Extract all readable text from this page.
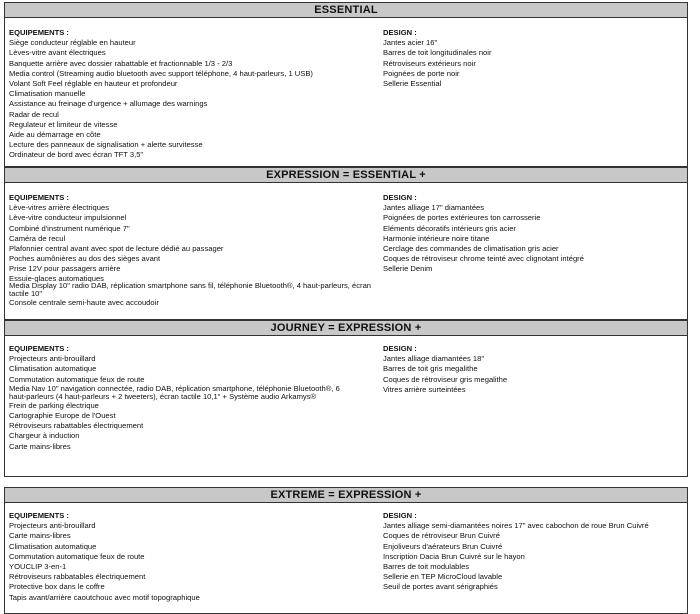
ESSENTIAL
EQUIPEMENTS :
Siège conducteur réglable en hauteur
Lèves-vitre avant électriques
Banquette arrière avec dossier rabattable et fractionnable 1/3 - 2/3
Media control (Streaming audio bluetooth avec support téléphone, 4 haut-parleurs, 1 USB)
Volant Soft Feel réglable en hauteur et profondeur
Climatisation manuelle
Assistance au freinage d'urgence + allumage des warnings
Radar de recul
Regulateur et limiteur de vitesse
Aide au démarrage en côte
Lecture des panneaux de signalisation + alerte survitesse
Ordinateur de bord avec écran TFT 3,5"
DESIGN :
Jantes acier 16"
Barres de toit longitudinales noir
Rétroviseurs extérieurs noir
Poignées de porte noir
Sellerie Essential
EXPRESSION = ESSENTIAL +
EQUIPEMENTS :
Lève-vitres arrière électriques
Lève-vitre conducteur impulsionnel
Combiné d'instrument numérique 7"
Caméra de recul
Plafonnier central avant avec spot de lecture dédié au passager
Poches aumônières au dos des sièges avant
Prise 12V pour passagers arrière
Essuie-glaces automatiques
Media Display 10" radio DAB, réplication smartphone sans fil, téléphonie Bluetooth®, 4 haut-parleurs, écran tactile 10"
Console centrale semi-haute avec accoudoir
DESIGN :
Jantes alliage 17" diamantées
Poignées de portes extérieures ton carrosserie
Eléments décoratifs intérieurs gris acier
Harmonie intérieure noire titane
Cerclage des commandes de climatisation gris acier
Coques de rétroviseur chrome teinté avec clignotant intégré
Sellerie Denim
JOURNEY = EXPRESSION +
EQUIPEMENTS :
Projecteurs anti-brouillard
Climatisation automatique
Commutation automatique feux de route
Media Nav 10" navigation connectée, radio DAB, réplication smartphone, téléphonie Bluetooth®, 6 haut-parleurs (4 haut-parleurs + 2 tweeters), écran tactile 10,1" + Système audio Arkamys®
Frein de parking électrique
Cartographie Europe de l'Ouest
Rétroviseurs rabattables électriquement
Chargeur à induction
Carte mains-libres
DESIGN :
Jantes alliage diamantées 18"
Barres de toit gris megalithe
Coques de rétroviseur gris megalithe
Vitres arrière surteintées
EXTREME = EXPRESSION +
EQUIPEMENTS :
Projecteurs anti-brouillard
Carte mains-libres
Climatisation automatique
Commutation automatique feux de route
YOUCLIP 3-en-1
Rétroviseurs rabbatables électriquement
Protective box dans le coffre
Tapis avant/arrière caoutchouc avec motif topographique
DESIGN :
Jantes alliage semi-diamantées noires 17" avec cabochon de roue Brun Cuivré
Coques de rétroviseur Brun Cuivré
Enjoliveurs d'aérateurs Brun Cuivré
Inscription Dacia Brun Cuivré sur le hayon
Barres de toit modulables
Sellerie en TEP MicroCloud lavable
Seuil de portes avant sérigraphiés
